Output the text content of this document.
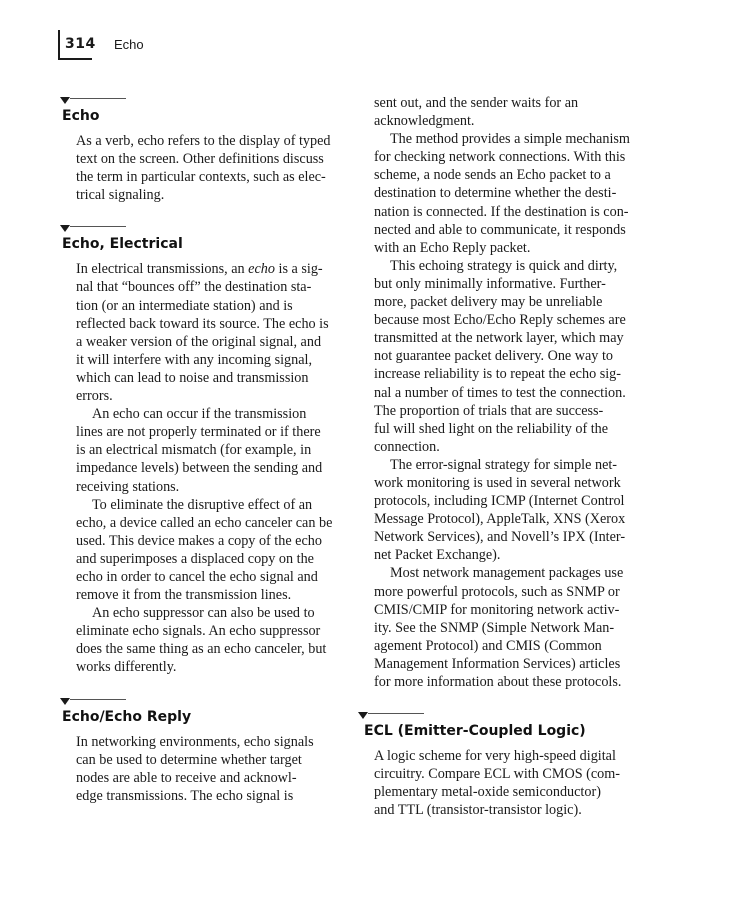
314 Echo
Echo
As a verb, echo refers to the display of typed
text on the screen. Other definitions discuss
the term in particular contexts, such as elec-
trical signaling.
Echo, Electrical
In electrical transmissions, an echo is a sig-
nal that “bounces off” the destination sta-
tion (or an intermediate station) and is
reflected back toward its source. The echo is
a weaker version of the original signal, and
it will interfere with any incoming signal,
which can lead to noise and transmission
errors.
An echo can occur if the transmission
lines are not properly terminated or if there
is an electrical mismatch (for example, in
impedance levels) between the sending and
receiving stations.
To eliminate the disruptive effect of an
echo, a device called an echo canceler can be
used. This device makes a copy of the echo
and superimposes a displaced copy on the
echo in order to cancel the echo signal and
remove it from the transmission lines.
An echo suppressor can also be used to
eliminate echo signals. An echo suppressor
does the same thing as an echo canceler, but
works differently.
Echo/Echo Reply
In networking environments, echo signals
can be used to determine whether target
nodes are able to receive and acknowl-
edge transmissions. The echo signal is
sent out, and the sender waits for an
acknowledgment.
The method provides a simple mechanism
for checking network connections. With this
scheme, a node sends an Echo packet to a
destination to determine whether the desti-
nation is connected. If the destination is con-
nected and able to communicate, it responds
with an Echo Reply packet.
This echoing strategy is quick and dirty,
but only minimally informative. Further-
more, packet delivery may be unreliable
because most Echo/Echo Reply schemes are
transmitted at the network layer, which may
not guarantee packet delivery. One way to
increase reliability is to repeat the echo sig-
nal a number of times to test the connection.
The proportion of trials that are success-
ful will shed light on the reliability of the
connection.
The error-signal strategy for simple net-
work monitoring is used in several network
protocols, including ICMP (Internet Control
Message Protocol), AppleTalk, XNS (Xerox
Network Services), and Novell’s IPX (Inter-
net Packet Exchange).
Most network management packages use
more powerful protocols, such as SNMP or
CMIS/CMIP for monitoring network activ-
ity. See the SNMP (Simple Network Man-
agement Protocol) and CMIS (Common
Management Information Services) articles
for more information about these protocols.
ECL (Emitter-Coupled Logic)
A logic scheme for very high-speed digital
circuitry. Compare ECL with CMOS (com-
plementary metal-oxide semiconductor)
and TTL (transistor-transistor logic).
